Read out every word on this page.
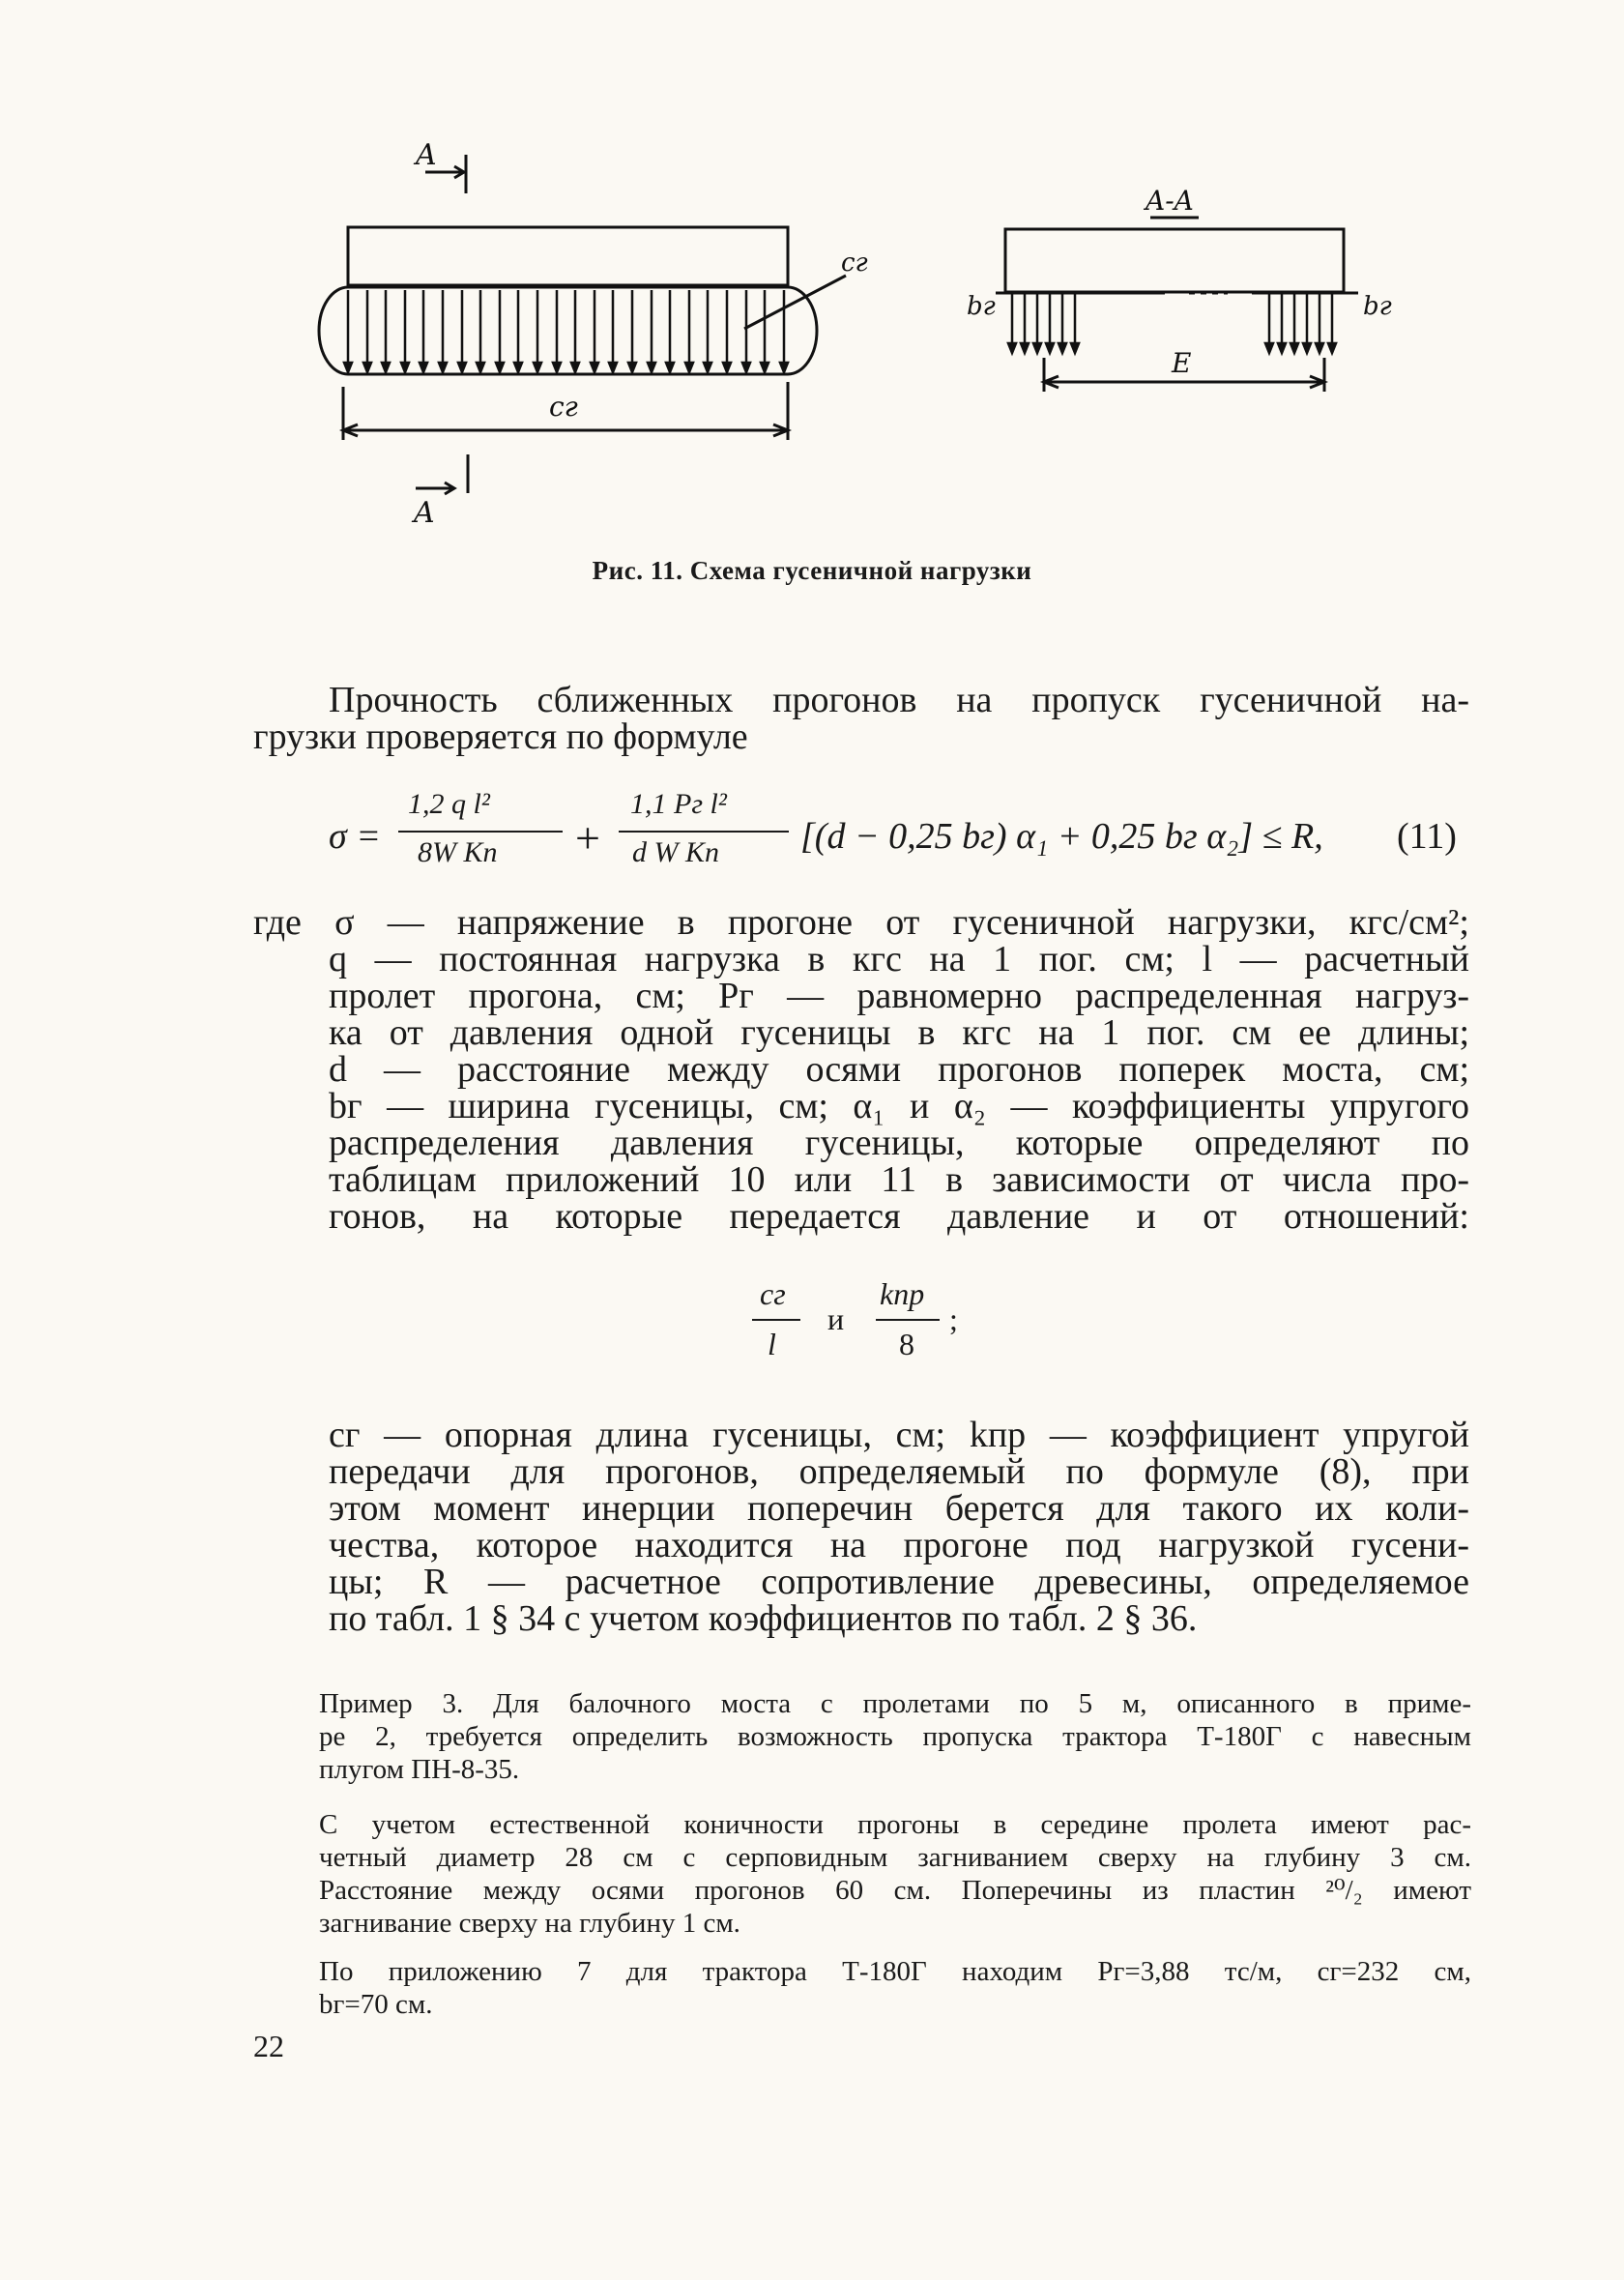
A
cг
cг
A
A-A
bг	bг
E
Рис. 11. Схема гусеничной нагрузки
Прочность сближенных прогонов на пропуск гусеничной на-
грузки проверяется по формуле
σ =
1,2 q l²
8W Kп +
1,1 Pг l²
d W Kп [(d − 0,25 bг) α₁ + 0,25 bг α₂] ≤ R, (11)
где σ — напряжение в прогоне от гусеничной нагрузки, кгс/см²;
q — постоянная нагрузка в кгс на 1 пог. см; l — расчетный
пролет прогона, см; Pг — равномерно распределенная нагруз-
ка от давления одной гусеницы в кгс на 1 пог. см ее длины;
d — расстояние между осями прогонов поперек моста, см;
bг — ширина гусеницы, см; α₁ и α₂ — коэффициенты упругого
распределения давления гусеницы, которые определяют по
таблицам приложений 10 или 11 в зависимости от числа про-
гонов, на которые передается давление и от отношений:
cг
l
и
kпр
8
;
cг — опорная длина гусеницы, см; kпр — коэффициент упругой
передачи для прогонов, определяемый по формуле (8), при
этом момент инерции поперечин берется для такого их коли-
чества, которое находится на прогоне под нагрузкой гусени-
цы; R — расчетное сопротивление древесины, определяемое
по табл. 1 § 34 с учетом коэффициентов по табл. 2 § 36.
Пример 3. Для балочного моста с пролетами по 5 м, описанного в приме-
ре 2, требуется определить возможность пропуска трактора Т-180Г с навесным
плугом ПН-8-35.
С учетом естественной коничности прогоны в середине пролета имеют рас-
четный диаметр 28 см с серповидным загниванием сверху на глубину 3 см.
Расстояние между осями прогонов 60 см. Поперечины из пластин ²⁰/₂ имеют
загнивание сверху на глубину 1 см.
По приложению 7 для трактора Т-180Г находим Pг=3,88 тс/м, cг=232 см,
bг=70 см.
22
